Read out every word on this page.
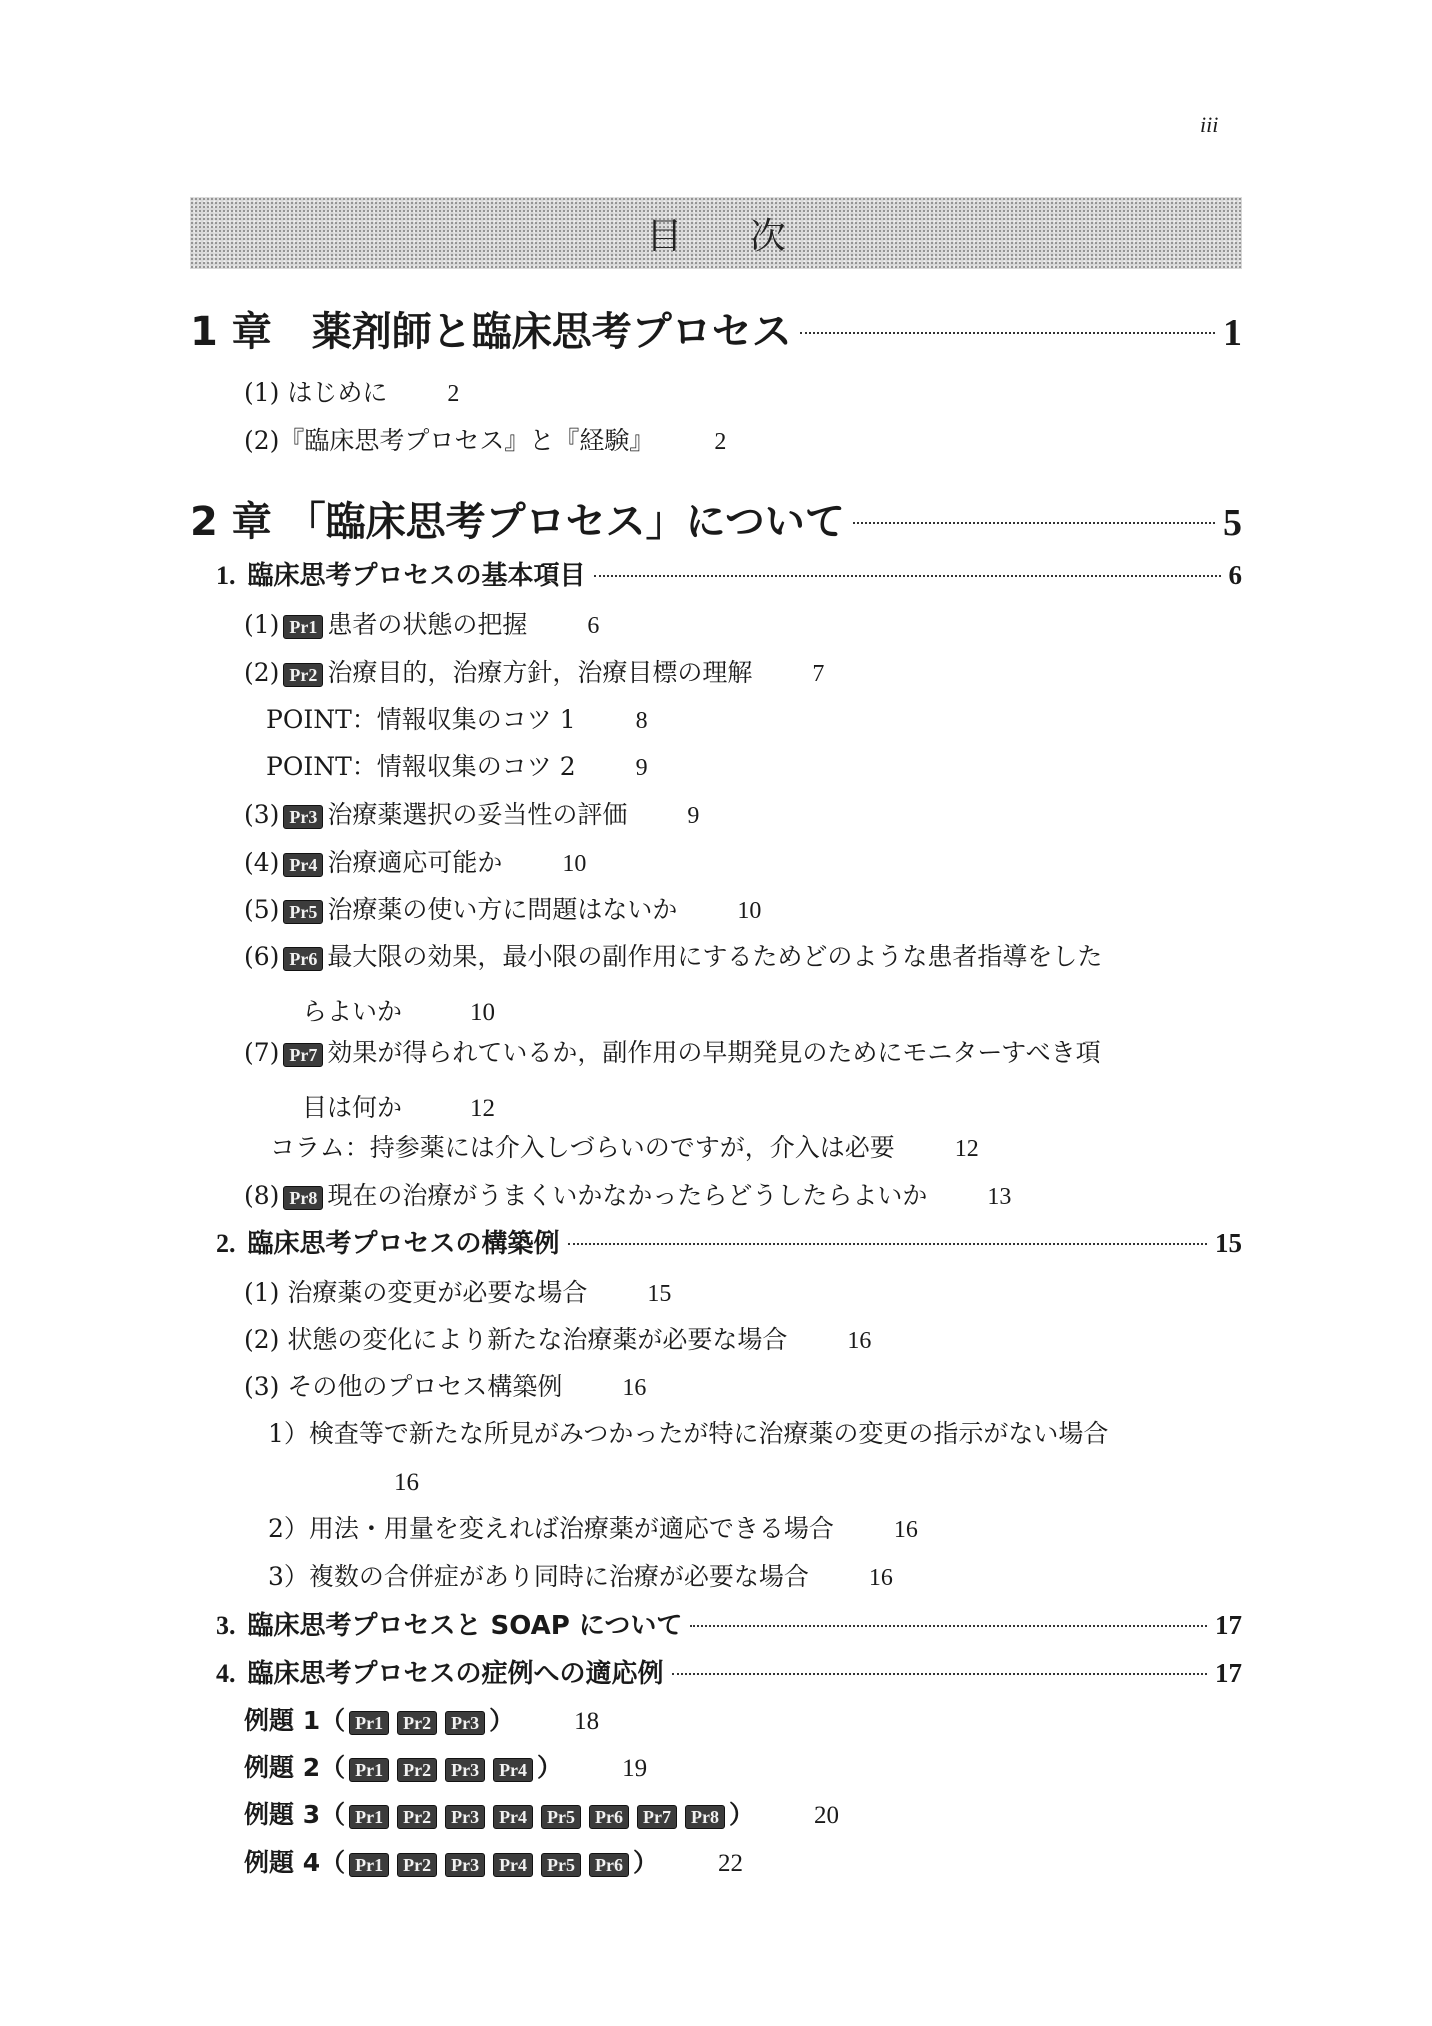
iii
目 次
1 章　薬剤師と臨床思考プロセス	1
(1) はじめに	2
(2)『臨床思考プロセス』と『経験』	2
2 章 「臨床思考プロセス」について	5
1. 臨床思考プロセスの基本項目	6
(1) Pr1 患者の状態の把握	6
(2) Pr2 治療目的，治療方針，治療目標の理解	7
POINT：情報収集のコツ 1	8
POINT：情報収集のコツ 2	9
(3) Pr3 治療薬選択の妥当性の評価	9
(4) Pr4 治療適応可能か	10
(5) Pr5 治療薬の使い方に問題はないか	10
(6) Pr6 最大限の効果，最小限の副作用にするためどのような患者指導をした
らよいか	10
(7) Pr7 効果が得られているか，副作用の早期発見のためにモニターすべき項
目は何か	12
コラム：持参薬には介入しづらいのですが，介入は必要	12
(8) Pr8 現在の治療がうまくいかなかったらどうしたらよいか	13
2. 臨床思考プロセスの構築例	15
(1) 治療薬の変更が必要な場合	15
(2) 状態の変化により新たな治療薬が必要な場合	16
(3) その他のプロセス構築例	16
1）検査等で新たな所見がみつかったが特に治療薬の変更の指示がない場合
16
2）用法・用量を変えれば治療薬が適応できる場合	16
3）複数の合併症があり同時に治療が必要な場合	16
3. 臨床思考プロセスと SOAP について	17
4. 臨床思考プロセスの症例への適応例	17
例題 1（ Pr1	Pr2	Pr3 ） 18
例題 2（ Pr1	Pr2	Pr3	Pr4 ） 19
例題 3（ Pr1	Pr2	Pr3	Pr4	Pr5	Pr6	Pr7	Pr8 ） 20
例題 4（ Pr1	Pr2	Pr3	Pr4	Pr5	Pr6 ） 22
